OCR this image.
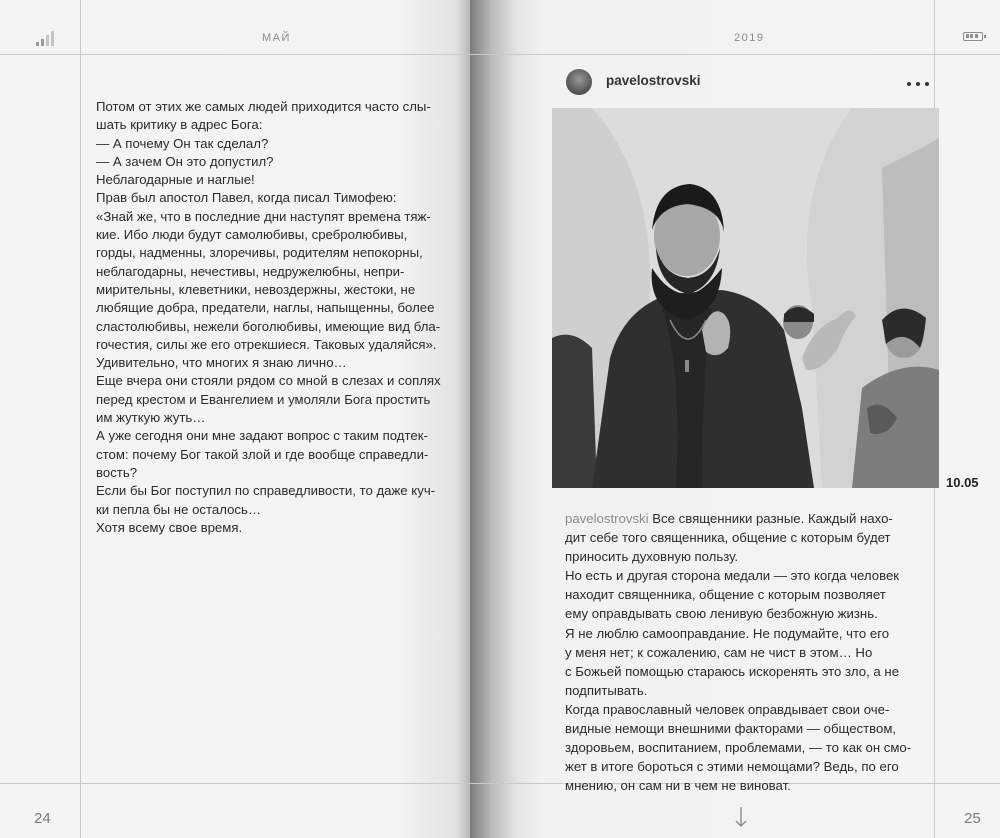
МАЙ

Потом от этих же самых людей приходится часто слы-

шать критику в адрес Бога:

— А почему Он так сделал?

— А зачем Он это допустил?

Неблагодарные и наглые!

Прав был апостол Павел, когда писал Тимофею:

«Знай же, что в последние дни наступят времена тяж-

кие. Ибо люди будут самолюбивы, сребролюбивы,

горды, надменны, злоречивы, родителям непокорны,

неблагодарны, нечестивы, недружелюбны, непри-

мирительны, клеветники, невоздержны, жестоки, не

любящие добра, предатели, наглы, напыщенны, более

сластолюбивы, нежели боголюбивы, имеющие вид бла-

гочестия, силы же его отрекшиеся. Таковых удаляйся».

Удивительно, что многих я знаю лично…

Еще вчера они стояли рядом со мной в слезах и соплях

перед крестом и Евангелием и умоляли Бога простить

им жуткую жуть…

А уже сегодня они мне задают вопрос с таким подтек-

стом: почему Бог такой злой и где вообще справедли-

вость?

Если бы Бог поступил по справедливости, то даже куч-

ки пепла бы не осталось…

Хотя всему свое время.

24
2019
pavelostrovski
10.05

pavelostrovski Все священники разные. Каждый нахо-

дит себе того священника, общение с которым будет

приносить духовную пользу.

Но есть и другая сторона медали — это когда человек

находит священника, общение с которым позволяет

ему оправдывать свою ленивую безбожную жизнь.

Я не люблю самооправдание. Не подумайте, что его

у меня нет; к сожалению, сам не чист в этом… Но

с Божьей помощью стараюсь искоренять это зло, а не

подпитывать.

Когда православный человек оправдывает свои оче-

видные немощи внешними факторами — обществом,

здоровьем, воспитанием, проблемами, — то как он смо-

жет в итоге бороться с этими немощами? Ведь, по его

мнению, он сам ни в чем не виноват.

25
